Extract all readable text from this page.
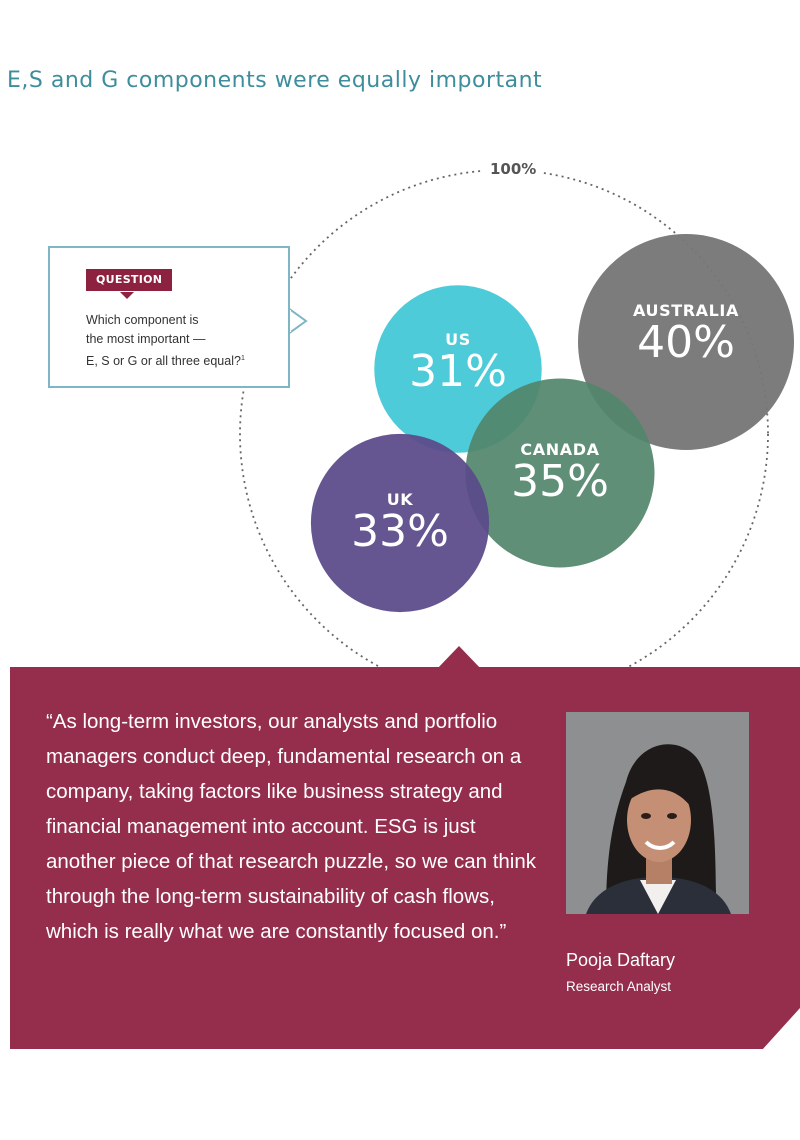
E,S and G components were equally important
100%
US
31%
AUSTRALIA
40%
CANADA
35%
UK
33%
QUESTION
Which component is
the most important —
E, S or G or all three equal?$^1$
“As long-term investors, our analysts and portfolio managers conduct deep, fundamental research on a company, taking factors like business strategy and financial management into account. ESG is just another piece of that research puzzle, so we can think through the long-term sustainability of cash flows, which is really what we are constantly focused on.”
Pooja Daftary
Research Analyst
